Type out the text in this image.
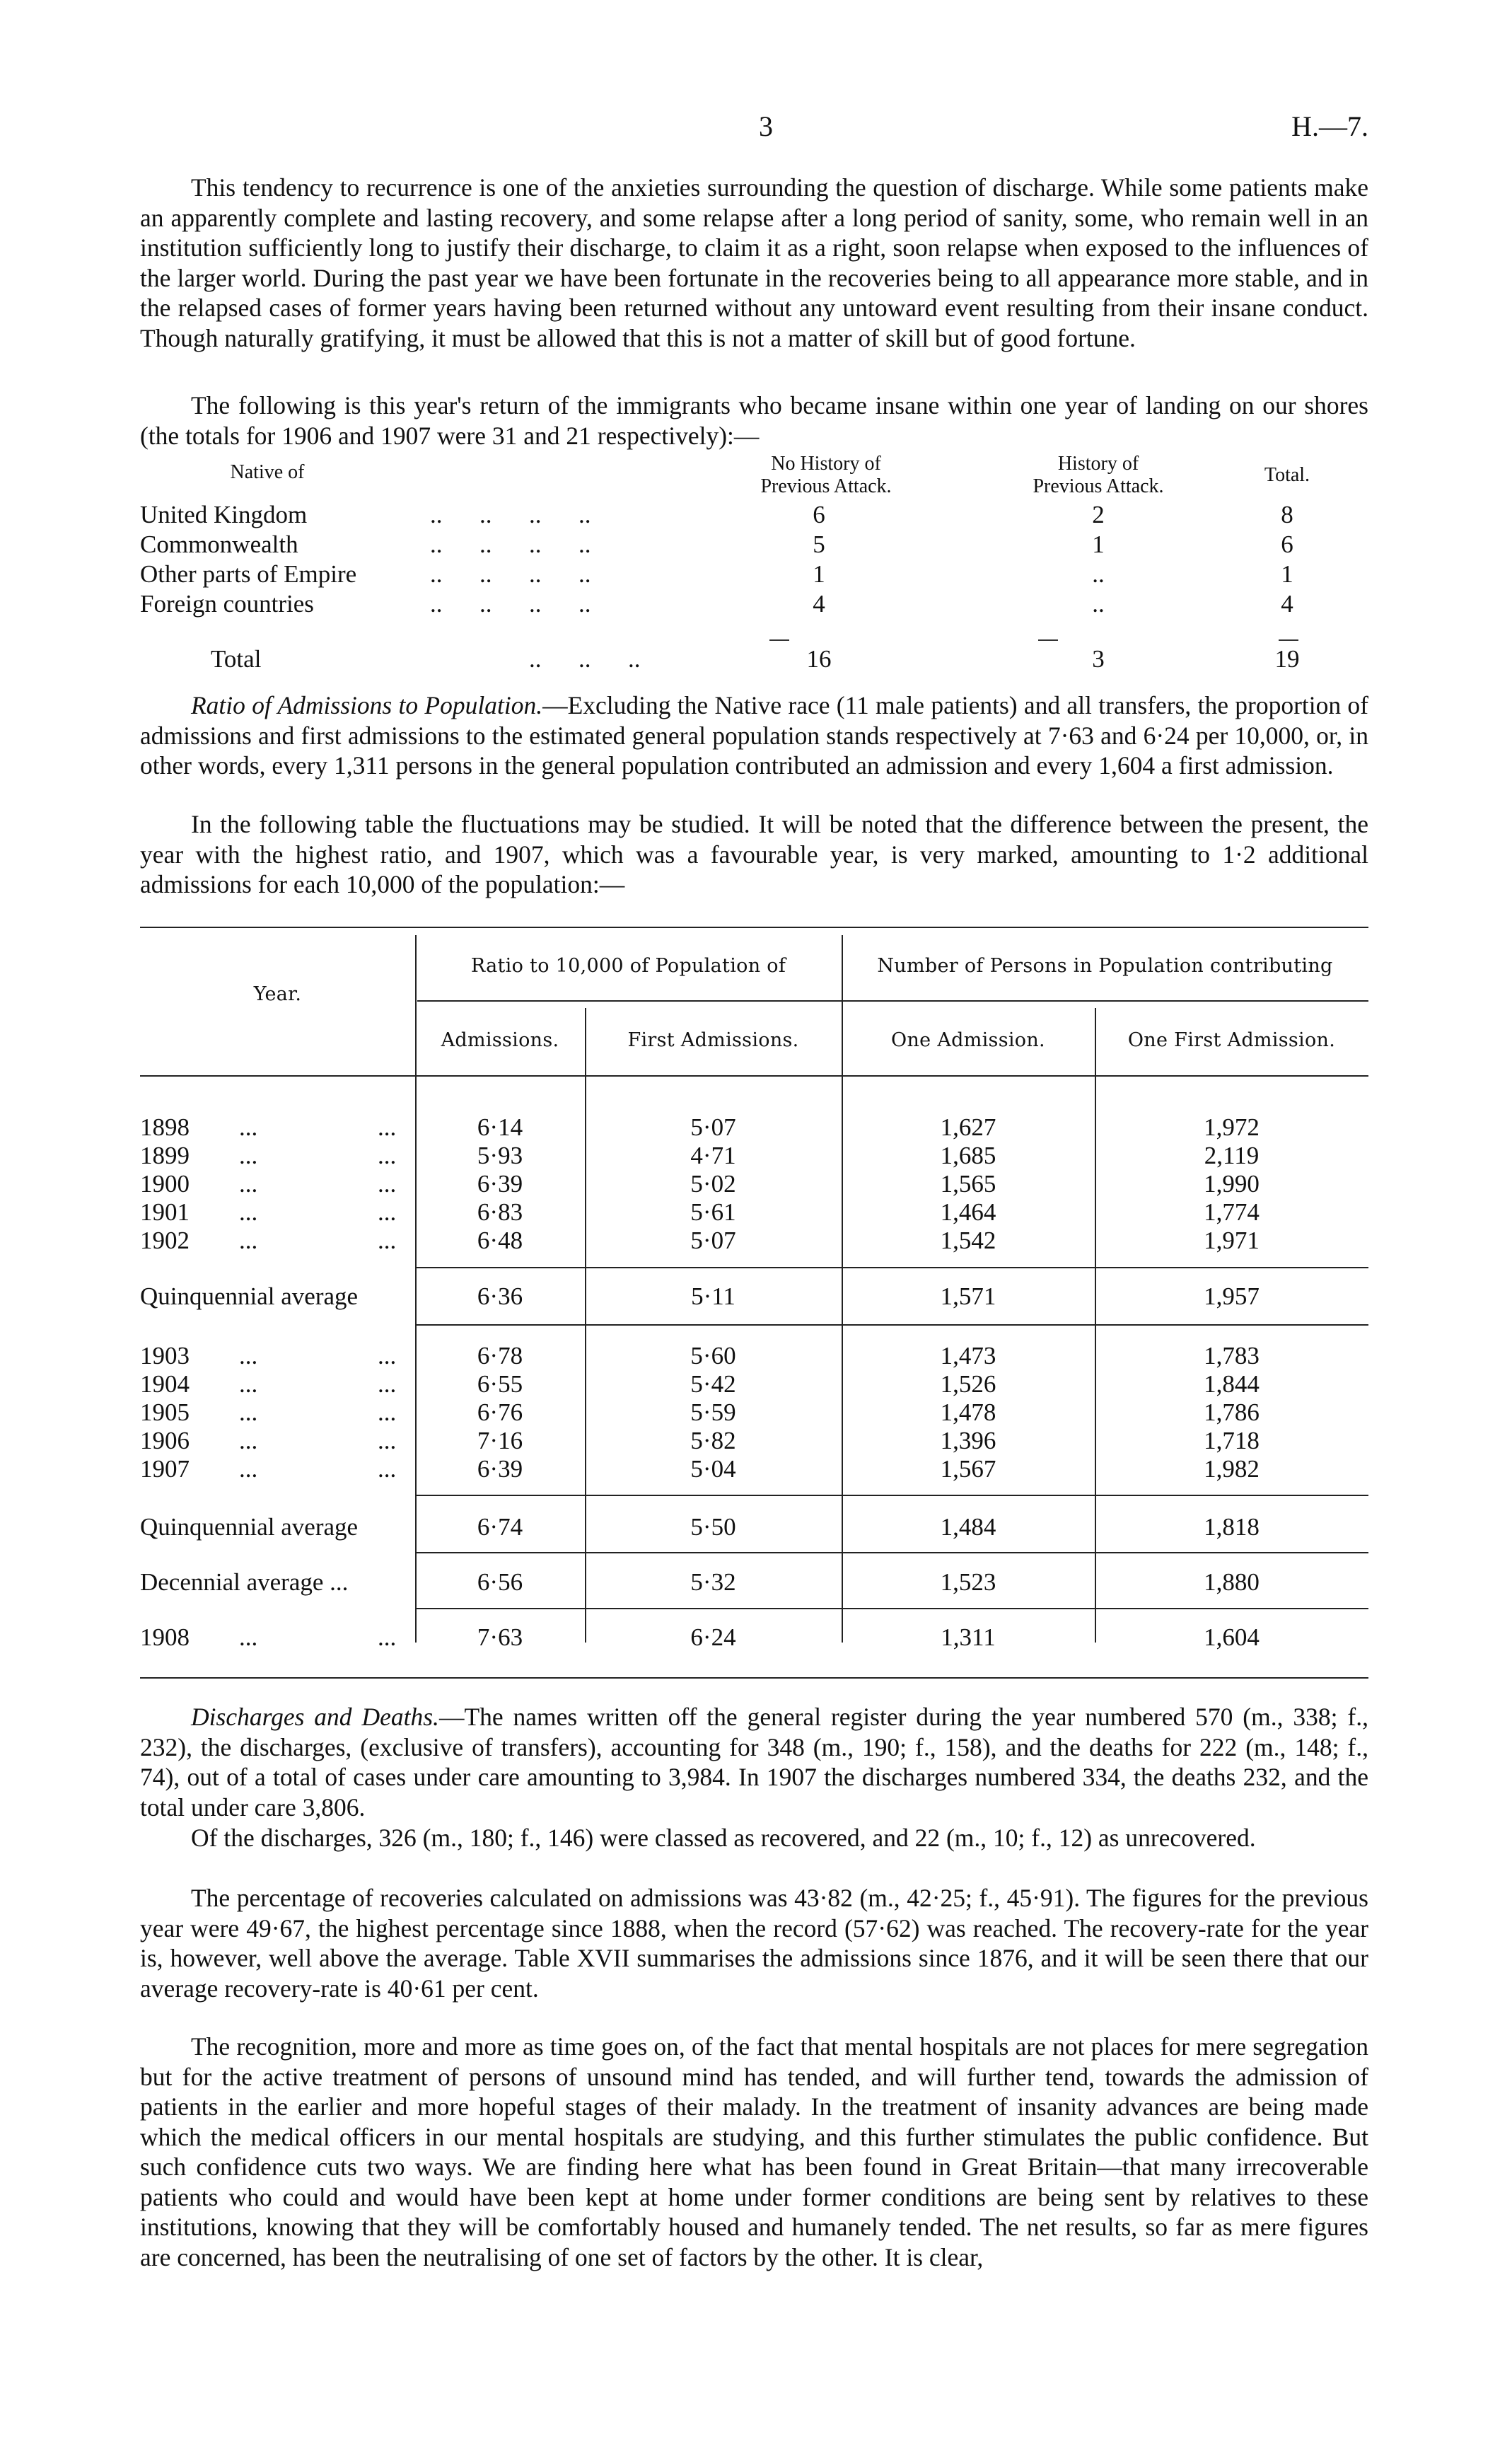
3	H.—7.

This tendency to recurrence is one of the anxieties surrounding the question of discharge. While some patients make an apparently complete and lasting recovery, and some relapse after a long period of sanity, some, who remain well in an institution sufficiently long to justify their discharge, to claim it as a right, soon relapse when exposed to the influences of the larger world. During the past year we have been fortunate in the recoveries being to all appearance more stable, and in the relapsed cases of former years having been returned without any untoward event resulting from their insane conduct. Though naturally gratifying, it must be allowed that this is not a matter of skill but of good fortune.

The following is this year's return of the immigrants who became insane within one year of landing on our shores (the totals for 1906 and 1907 were 31 and 21 respectively):—

Native of	No History of
Previous Attack.
History of
Previous Attack.
Total.
United Kingdom	..      ..      ..      ..	6	2	8
Commonwealth	..      ..      ..      ..	5	1	6
Other parts of Empire	..      ..      ..      ..	1	..	1
Foreign countries	..      ..      ..      ..	4	..	4
Total	..      ..      ..	16	3	19

Ratio of Admissions to Population.—Excluding the Native race (11 male patients) and all transfers, the proportion of admissions and first admissions to the estimated general population stands respectively at 7·63 and 6·24 per 10,000, or, in other words, every 1,311 persons in the general population contributed an admission and every 1,604 a first admission.

In the following table the fluctuations may be studied. It will be noted that the difference between the present, the year with the highest ratio, and 1907, which was a favourable year, is very marked, amounting to 1·2 additional admissions for each 10,000 of the population:—

Year.
Ratio to 10,000 of Population of	Number of Persons in Population contributing
Admissions.	First Admissions.	One Admission.	One First Admission.
1898 ...	...	6·14	5·07	1,627	1,972
1899 ...	...	5·93	4·71	1,685	2,119
1900 ...	...	6·39	5·02	1,565	1,990
1901 ...	...	6·83	5·61	1,464	1,774
1902 ...	...	6·48	5·07	1,542	1,971
Quinquennial average	6·36	5·11	1,571	1,957
1903 ...	...	6·78	5·60	1,473	1,783
1904 ...	...	6·55	5·42	1,526	1,844
1905 ...	...	6·76	5·59	1,478	1,786
1906 ...	...	7·16	5·82	1,396	1,718
1907 ...	...	6·39	5·04	1,567	1,982
Quinquennial average	6·74	5·50	1,484	1,818
Decennial average ...	6·56	5·32	1,523	1,880
1908 ...	...	7·63	6·24	1,311	1,604

Discharges and Deaths.—The names written off the general register during the year numbered 570 (m., 338; f., 232), the discharges, (exclusive of transfers), accounting for 348 (m., 190; f., 158), and the deaths for 222 (m., 148; f., 74), out of a total of cases under care amounting to 3,984. In 1907 the discharges numbered 334, the deaths 232, and the total under care 3,806.

Of the discharges, 326 (m., 180; f., 146) were classed as recovered, and 22 (m., 10; f., 12) as unrecovered.

The percentage of recoveries calculated on admissions was 43·82 (m., 42·25; f., 45·91). The figures for the previous year were 49·67, the highest percentage since 1888, when the record (57·62) was reached. The recovery-rate for the year is, however, well above the average. Table XVII summarises the admissions since 1876, and it will be seen there that our average recovery-rate is 40·61 per cent.

The recognition, more and more as time goes on, of the fact that mental hospitals are not places for mere segregation but for the active treatment of persons of unsound mind has tended, and will further tend, towards the admission of patients in the earlier and more hopeful stages of their malady. In the treatment of insanity advances are being made which the medical officers in our mental hospitals are studying, and this further stimulates the public confidence. But such confidence cuts two ways. We are finding here what has been found in Great Britain—that many irrecoverable patients who could and would have been kept at home under former conditions are being sent by relatives to these institutions, knowing that they will be comfortably housed and humanely tended. The net results, so far as mere figures are concerned, has been the neutralising of one set of factors by the other. It is clear,
